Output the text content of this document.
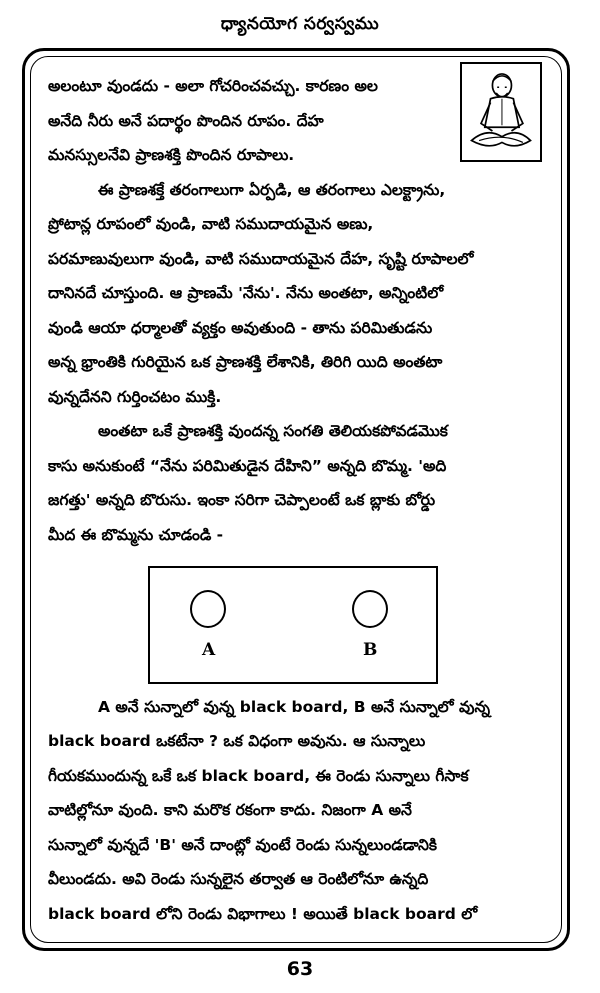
ధ్యానయోగ సర్వస్వము
అలంటూ వుండదు - అలా గోచరించవచ్చు. కారణం అల
అనేది నీరు అనే పదార్థం పొందిన రూపం. దేహ
మనస్సులనేవి ప్రాణశక్తి పొందిన రూపాలు.
ఈ ప్రాణశక్తే తరంగాలుగా ఏర్పడి, ఆ తరంగాలు ఎలక్ట్రాను,
ప్రోటాన్ల రూపంలో వుండి, వాటి సముదాయమైన అణు,
పరమాణువులుగా వుండి, వాటి సముదాయమైన దేహ, సృష్టి రూపాలలో
దానినదే చూస్తుంది. ఆ ప్రాణమే 'నేను'. నేను అంతటా, అన్నింటిలో
వుండి ఆయా ధర్మాలతో వ్యక్తం అవుతుంది - తాను పరిమితుడను
అన్న భ్రాంతికి గురియైన ఒక ప్రాణశక్తి లేశానికి, తిరిగి యిది అంతటా
వున్నదేనని గుర్తించటం ముక్తి.
అంతటా ఒకే ప్రాణశక్తి వుందన్న సంగతి తెలియకపోవడమొక
కాసు అనుకుంటే “నేను పరిమితుడైన దేహిని” అన్నది బొమ్మ. 'అది
జగత్తు' అన్నది బొరుసు. ఇంకా సరిగా చెప్పాలంటే ఒక బ్లాకు బోర్డు
మీద ఈ బొమ్మను చూడండి -
A	B
A అనే సున్నాలో వున్న black board, B అనే సున్నాలో వున్న
black board ఒకటేనా ? ఒక విధంగా అవును. ఆ సున్నాలు
గీయకముందున్న ఒకే ఒక black board, ఈ రెండు సున్నాలు గీసాక
వాటిల్లోనూ వుంది. కాని మరొక రకంగా కాదు. నిజంగా A అనే
సున్నాలో వున్నదే 'B' అనే దాంట్లో వుంటే రెండు సున్నలుండడానికి
వీలుండదు. అవి రెండు సున్నలైన తర్వాత ఆ రెంటిలోనూ ఉన్నది
black board లోని రెండు విభాగాలు ! అయితే black board లో
63
